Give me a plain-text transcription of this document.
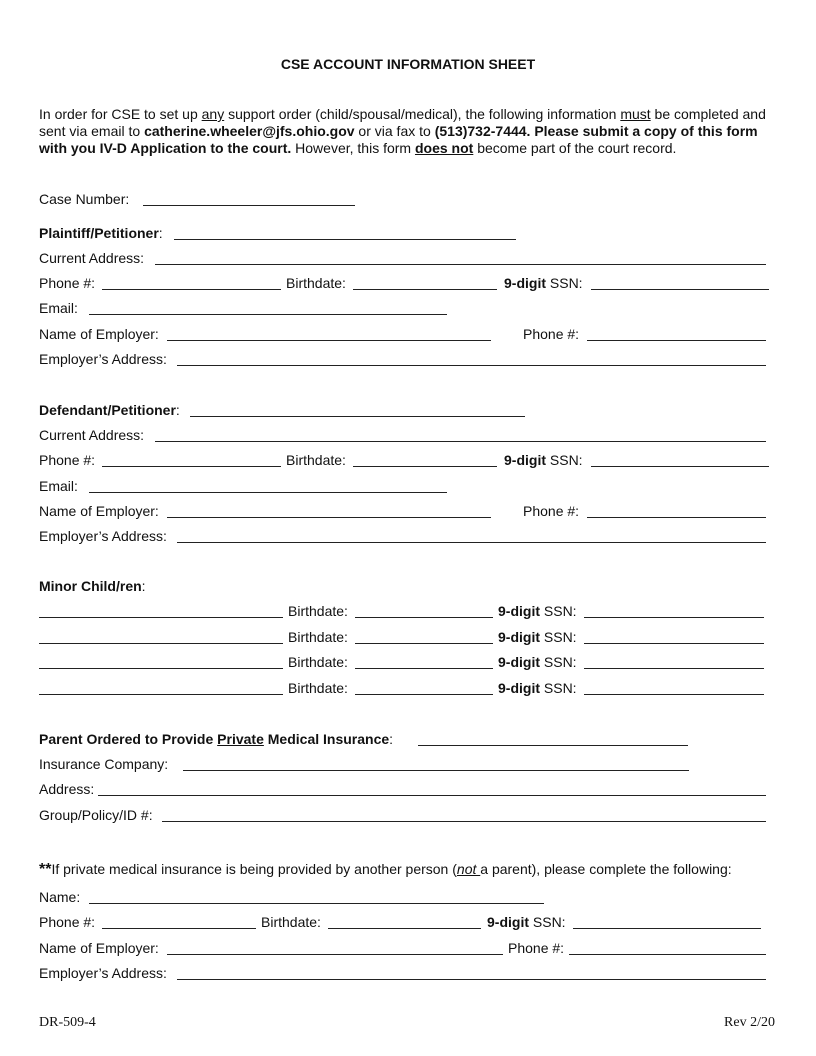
CSE ACCOUNT INFORMATION SHEET
In order for CSE to set up any support order (child/spousal/medical), the following information must be completed and sent via email to catherine.wheeler@jfs.ohio.gov or via fax to (513)732-7444. Please submit a copy of this form with you IV-D Application to the court. However, this form does not become part of the court record.
Case Number:
Plaintiff/Petitioner:
Current Address:
Phone #:	Birthdate:	9-digit SSN:
Email:
Name of Employer:	Phone #:
Employer’s Address:
Defendant/Petitioner:
Current Address:
Phone #:	Birthdate:	9-digit SSN:
Email:
Name of Employer:	Phone #:
Employer’s Address:
Minor Child/ren:
Birthdate:	9-digit SSN:
Birthdate:	9-digit SSN:
Birthdate:	9-digit SSN:
Birthdate:	9-digit SSN:
Parent Ordered to Provide Private Medical Insurance:
Insurance Company:
Address:
Group/Policy/ID #:
**If private medical insurance is being provided by another person (not a parent), please complete the following:
Name:
Phone #:	Birthdate:	9-digit SSN:
Name of Employer:	Phone #:
Employer’s Address:
DR-509-4	Rev 2/20
